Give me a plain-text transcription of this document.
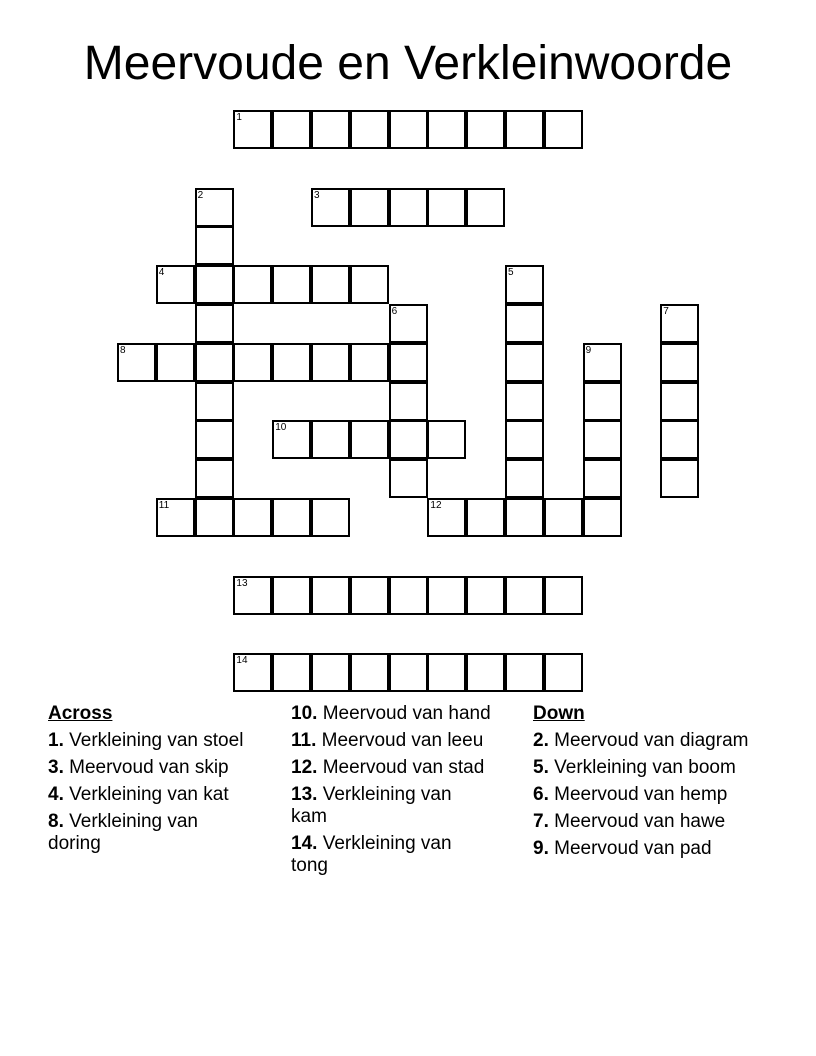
Meervoude en Verkleinwoorde
1
2	3
4	5
6	7
8	9
10
11	12
13
14
Across
1. Verkleining van stoel
3. Meervoud van skip
4. Verkleining van kat
8. Verkleining van doring
10. Meervoud van hand
11. Meervoud van leeu
12. Meervoud van stad
13. Verkleining van kam
14. Verkleining van tong
Down
2. Meervoud van diagram
5. Verkleining van boom
6. Meervoud van hemp
7. Meervoud van hawe
9. Meervoud van pad
